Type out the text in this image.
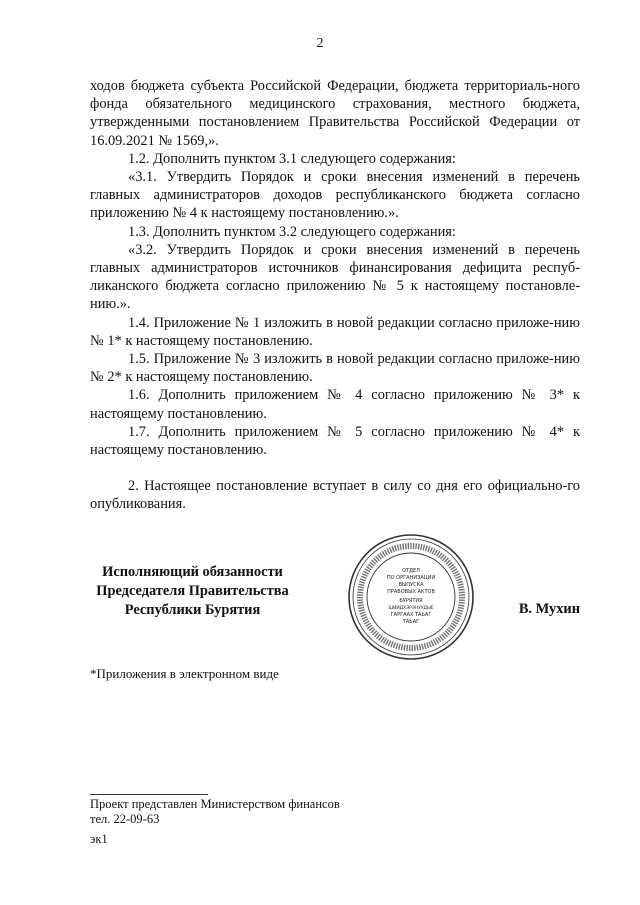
2

ходов бюджета субъекта Российской Федерации, бюджета территориаль-ного фонда обязательного медицинского страхования, местного бюджета, утвержденными постановлением Правительства Российской Федерации от 16.09.2021 № 1569,».

1.2. Дополнить пунктом 3.1 следующего содержания:

«3.1. Утвердить Порядок и сроки внесения изменений в перечень главных администраторов доходов республиканского бюджета согласно приложению № 4 к настоящему постановлению.».

1.3. Дополнить пунктом 3.2 следующего содержания:

«3.2. Утвердить Порядок и сроки внесения изменений в перечень главных администраторов источников финансирования дефицита респуб-ликанского бюджета согласно приложению № 5 к настоящему постановле-нию.».

1.4. Приложение № 1 изложить в новой редакции согласно приложе-нию № 1* к настоящему постановлению.

1.5. Приложение № 3 изложить в новой редакции согласно приложе-нию № 2* к настоящему постановлению.

1.6. Дополнить приложением № 4 согласно приложению № 3* к настоящему постановлению.

1.7. Дополнить приложением № 5 согласно приложению № 4* к настоящему постановлению.

2. Настоящее постановление вступает в силу со дня его официально-го опубликования.

Исполняющий обязанности
Председателя Правительства
Республики Бурятия
ОТДЕЛ
ПО ОРГАНИЗАЦИИ
ВЫПУСКА
ПРАВОВЫХ АКТОВ
БУРЯТИЯ
ШИИДХЭРЭНУУДЫЕ
ГАРГААХ ТАЬАГ
ТАЬАГ
В. Мухин
*Приложения в электронном виде

Проект представлен Министерством финансов

тел. 22-09-63

эк1
